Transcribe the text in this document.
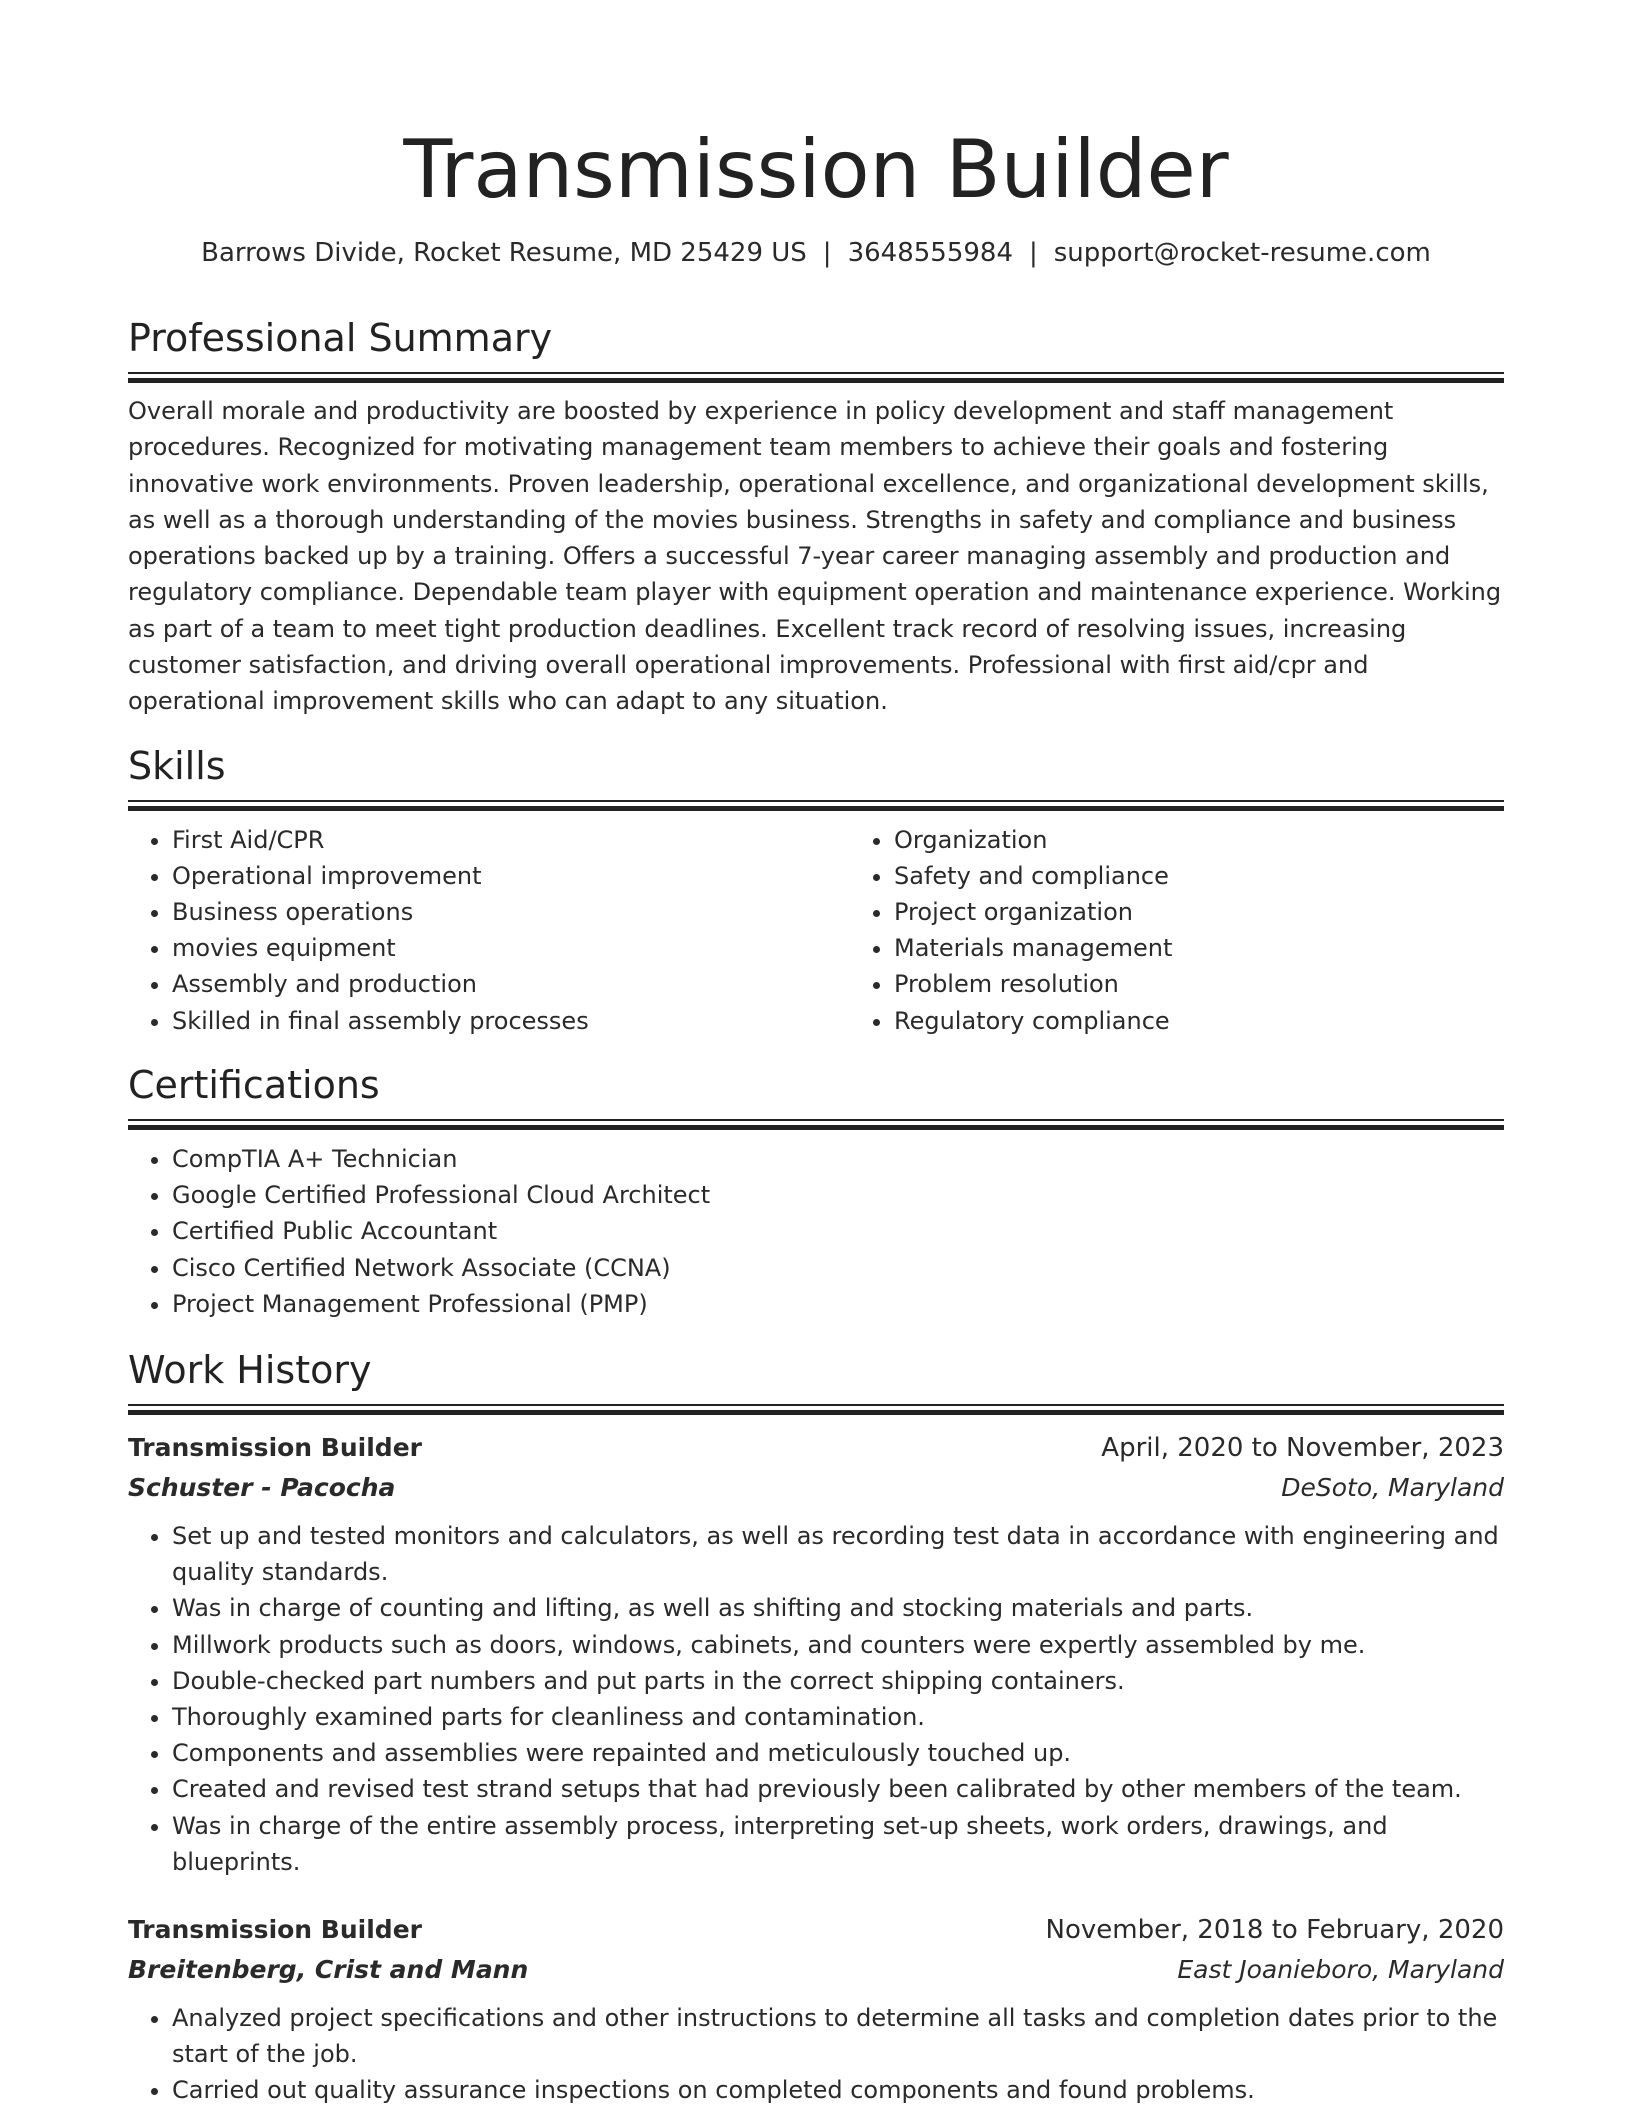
Transmission Builder
Barrows Divide, Rocket Resume, MD 25429 US | 3648555984 | support@rocket-resume.com
Professional Summary

Overall morale and productivity are boosted by experience in policy development and staff management procedures. Recognized for motivating management team members to achieve their goals and fostering innovative work environments. Proven leadership, operational excellence, and organizational development skills, as well as a thorough understanding of the movies business. Strengths in safety and compliance and business operations backed up by a training. Offers a successful 7-year career managing assembly and production and regulatory compliance. Dependable team player with equipment operation and maintenance experience. Working as part of a team to meet tight production deadlines. Excellent track record of resolving issues, increasing customer satisfaction, and driving overall operational improvements. Professional with first aid/cpr and operational improvement skills who can adapt to any situation.

Skills
• First Aid/CPR
• Operational improvement
• Business operations
• movies equipment
• Assembly and production
• Skilled in final assembly processes
• Organization
• Safety and compliance
• Project organization
• Materials management
• Problem resolution
• Regulatory compliance
Certifications
• CompTIA A+ Technician
• Google Certified Professional Cloud Architect
• Certified Public Accountant
• Cisco Certified Network Associate (CCNA)
• Project Management Professional (PMP)
Work History
Transmission Builder	April, 2020 to November, 2023
Schuster - Pacocha	DeSoto, Maryland
• Set up and tested monitors and calculators, as well as recording test data in accordance with engineering and quality standards.
• Was in charge of counting and lifting, as well as shifting and stocking materials and parts.
• Millwork products such as doors, windows, cabinets, and counters were expertly assembled by me.
• Double-checked part numbers and put parts in the correct shipping containers.
• Thoroughly examined parts for cleanliness and contamination.
• Components and assemblies were repainted and meticulously touched up.
• Created and revised test strand setups that had previously been calibrated by other members of the team.
• Was in charge of the entire assembly process, interpreting set-up sheets, work orders, drawings, and blueprints.
Transmission Builder	November, 2018 to February, 2020
Breitenberg, Crist and Mann	East Joanieboro, Maryland
• Analyzed project specifications and other instructions to determine all tasks and completion dates prior to the start of the job.
• Carried out quality assurance inspections on completed components and found problems.
